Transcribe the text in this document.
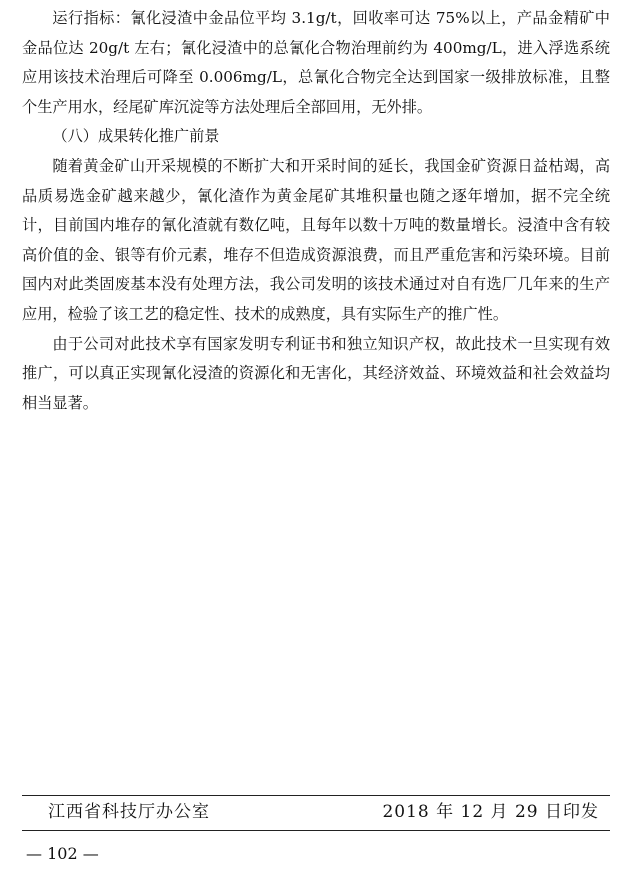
运行指标：氰化浸渣中金品位平均 3.1g/t，回收率可达 75%以上，产品金精矿中金品位达 20g/t 左右；氰化浸渣中的总氰化合物治理前约为 400mg/L，进入浮选系统应用该技术治理后可降至 0.006mg/L，总氰化合物完全达到国家一级排放标准，且整个生产用水，经尾矿库沉淀等方法处理后全部回用，无外排。

（八）成果转化推广前景

随着黄金矿山开采规模的不断扩大和开采时间的延长，我国金矿资源日益枯竭，高品质易选金矿越来越少，氰化渣作为黄金尾矿其堆积量也随之逐年增加，据不完全统计，目前国内堆存的氰化渣就有数亿吨，且每年以数十万吨的数量增长。浸渣中含有较高价值的金、银等有价元素，堆存不但造成资源浪费，而且严重危害和污染环境。目前国内对此类固废基本没有处理方法，我公司发明的该技术通过对自有选厂几年来的生产应用，检验了该工艺的稳定性、技术的成熟度，具有实际生产的推广性。

由于公司对此技术享有国家发明专利证书和独立知识产权，故此技术一旦实现有效推广，可以真正实现氰化浸渣的资源化和无害化，其经济效益、环境效益和社会效益均相当显著。

江西省科技厅办公室	2018 年 12 月 29 日印发
— 102 —
